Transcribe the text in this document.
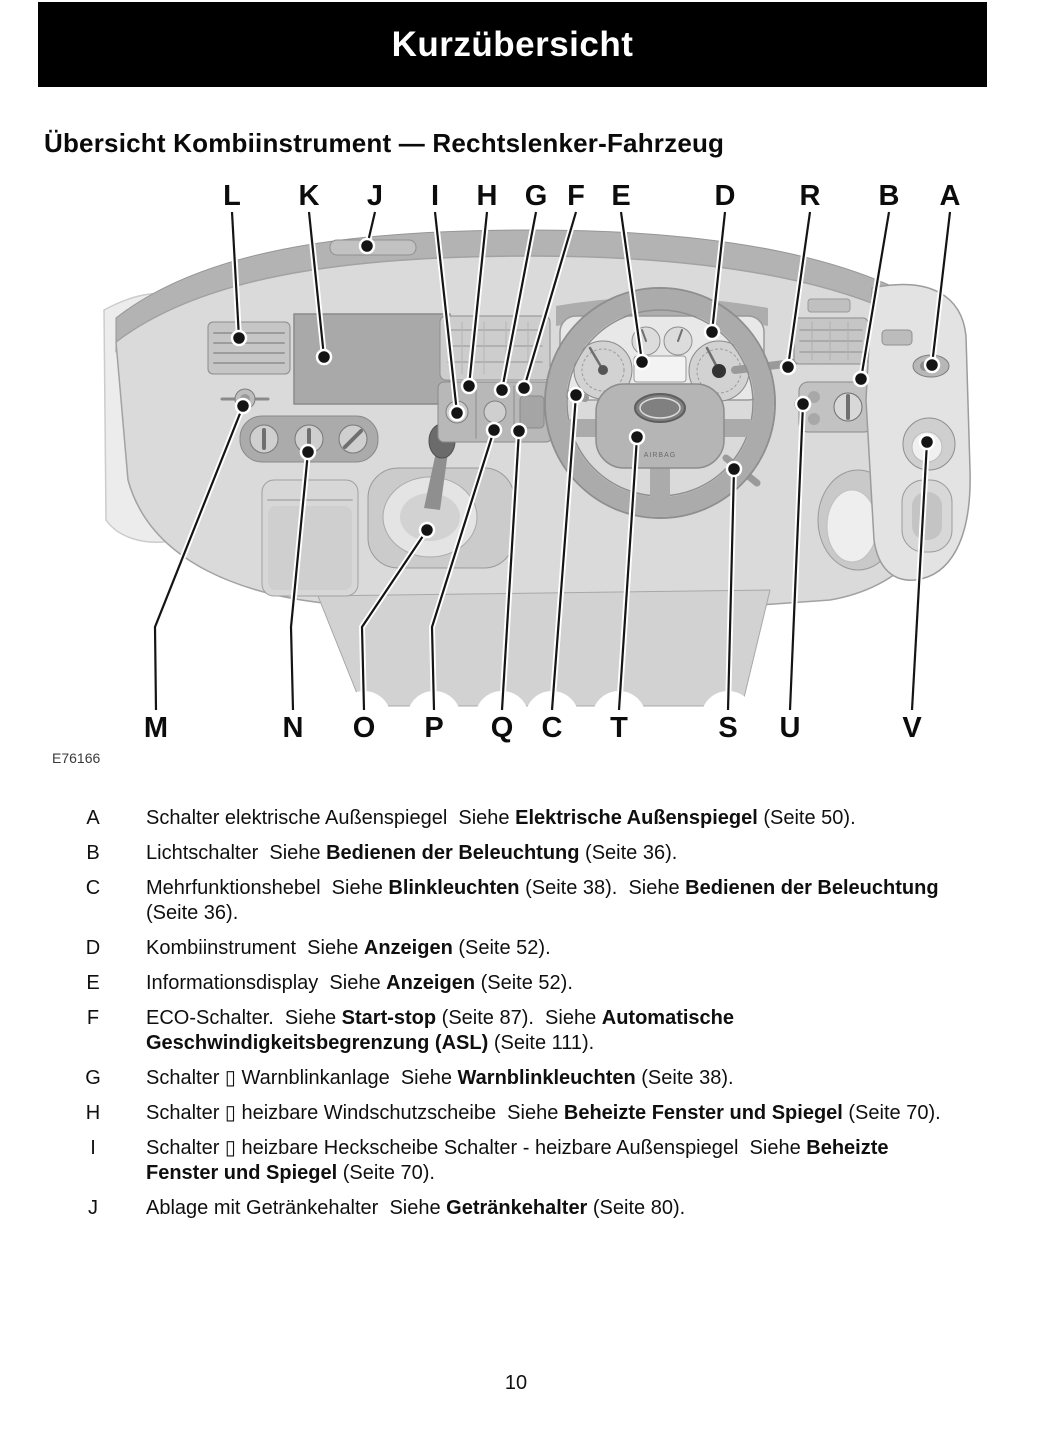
Kurzübersicht
Übersicht Kombiinstrument — Rechtslenker-Fahrzeug
AIRBAG
L K J I H G F E	D R B A
M	N O P Q C T	S U	V
E76166
A	Schalter elektrische Außenspiegel  Siehe Elektrische Außenspiegel (Seite 50).
B	Lichtschalter  Siehe Bedienen der Beleuchtung (Seite 36).
C	Mehrfunktionshebel  Siehe Blinkleuchten (Seite 38).  Siehe Bedienen der Beleuchtung (Seite 36).
D	Kombiinstrument  Siehe Anzeigen (Seite 52).
E	Informationsdisplay  Siehe Anzeigen (Seite 52).
F	ECO-Schalter.  Siehe Start-stop (Seite 87).  Siehe Automatische Geschwindigkeitsbegrenzung (ASL) (Seite 111).
G	Schalter ▯ Warnblinkanlage  Siehe Warnblinkleuchten (Seite 38).
H	Schalter ▯ heizbare Windschutzscheibe  Siehe Beheizte Fenster und Spiegel (Seite 70).
I	Schalter ▯ heizbare Heckscheibe Schalter - heizbare Außenspiegel  Siehe Beheizte Fenster und Spiegel (Seite 70).
J	Ablage mit Getränkehalter  Siehe Getränkehalter (Seite 80).
10
